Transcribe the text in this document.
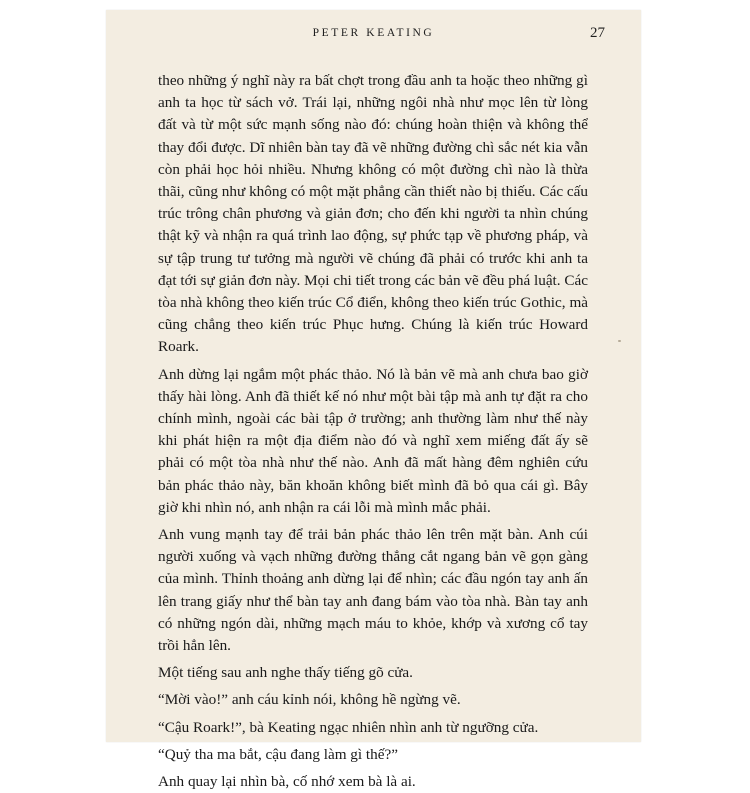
PETER KEATING	27

theo những ý nghĩ này ra bất chợt trong đầu anh ta hoặc theo những gì anh ta học từ sách vở. Trái lại, những ngôi nhà như mọc lên từ lòng đất và từ một sức mạnh sống nào đó: chúng hoàn thiện và không thể thay đổi được. Dĩ nhiên bàn tay đã vẽ những đường chì sắc nét kia vẫn còn phải học hỏi nhiều. Nhưng không có một đường chì nào là thừa thãi, cũng như không có một mặt phẳng cần thiết nào bị thiếu. Các cấu trúc trông chân phương và giản đơn; cho đến khi người ta nhìn chúng thật kỹ và nhận ra quá trình lao động, sự phức tạp về phương pháp, và sự tập trung tư tưởng mà người vẽ chúng đã phải có trước khi anh ta đạt tới sự giản đơn này. Mọi chi tiết trong các bản vẽ đều phá luật. Các tòa nhà không theo kiến trúc Cổ điển, không theo kiến trúc Gothic, mà cũng chẳng theo kiến trúc Phục hưng. Chúng là kiến trúc Howard Roark.

Anh dừng lại ngắm một phác thảo. Nó là bản vẽ mà anh chưa bao giờ thấy hài lòng. Anh đã thiết kế nó như một bài tập mà anh tự đặt ra cho chính mình, ngoài các bài tập ở trường; anh thường làm như thế này khi phát hiện ra một địa điểm nào đó và nghĩ xem miếng đất ấy sẽ phải có một tòa nhà như thế nào. Anh đã mất hàng đêm nghiên cứu bản phác thảo này, băn khoăn không biết mình đã bỏ qua cái gì. Bây giờ khi nhìn nó, anh nhận ra cái lỗi mà mình mắc phải.

Anh vung mạnh tay để trải bản phác thảo lên trên mặt bàn. Anh cúi người xuống và vạch những đường thẳng cắt ngang bản vẽ gọn gàng của mình. Thỉnh thoảng anh dừng lại để nhìn; các đầu ngón tay anh ấn lên trang giấy như thể bàn tay anh đang bám vào tòa nhà. Bàn tay anh có những ngón dài, những mạch máu to khỏe, khớp và xương cổ tay trồi hẳn lên.

Một tiếng sau anh nghe thấy tiếng gõ cửa.

“Mời vào!” anh cáu kỉnh nói, không hề ngừng vẽ.

“Cậu Roark!”, bà Keating ngạc nhiên nhìn anh từ ngưỡng cửa.

“Quỷ tha ma bắt, cậu đang làm gì thế?”

Anh quay lại nhìn bà, cố nhớ xem bà là ai.
